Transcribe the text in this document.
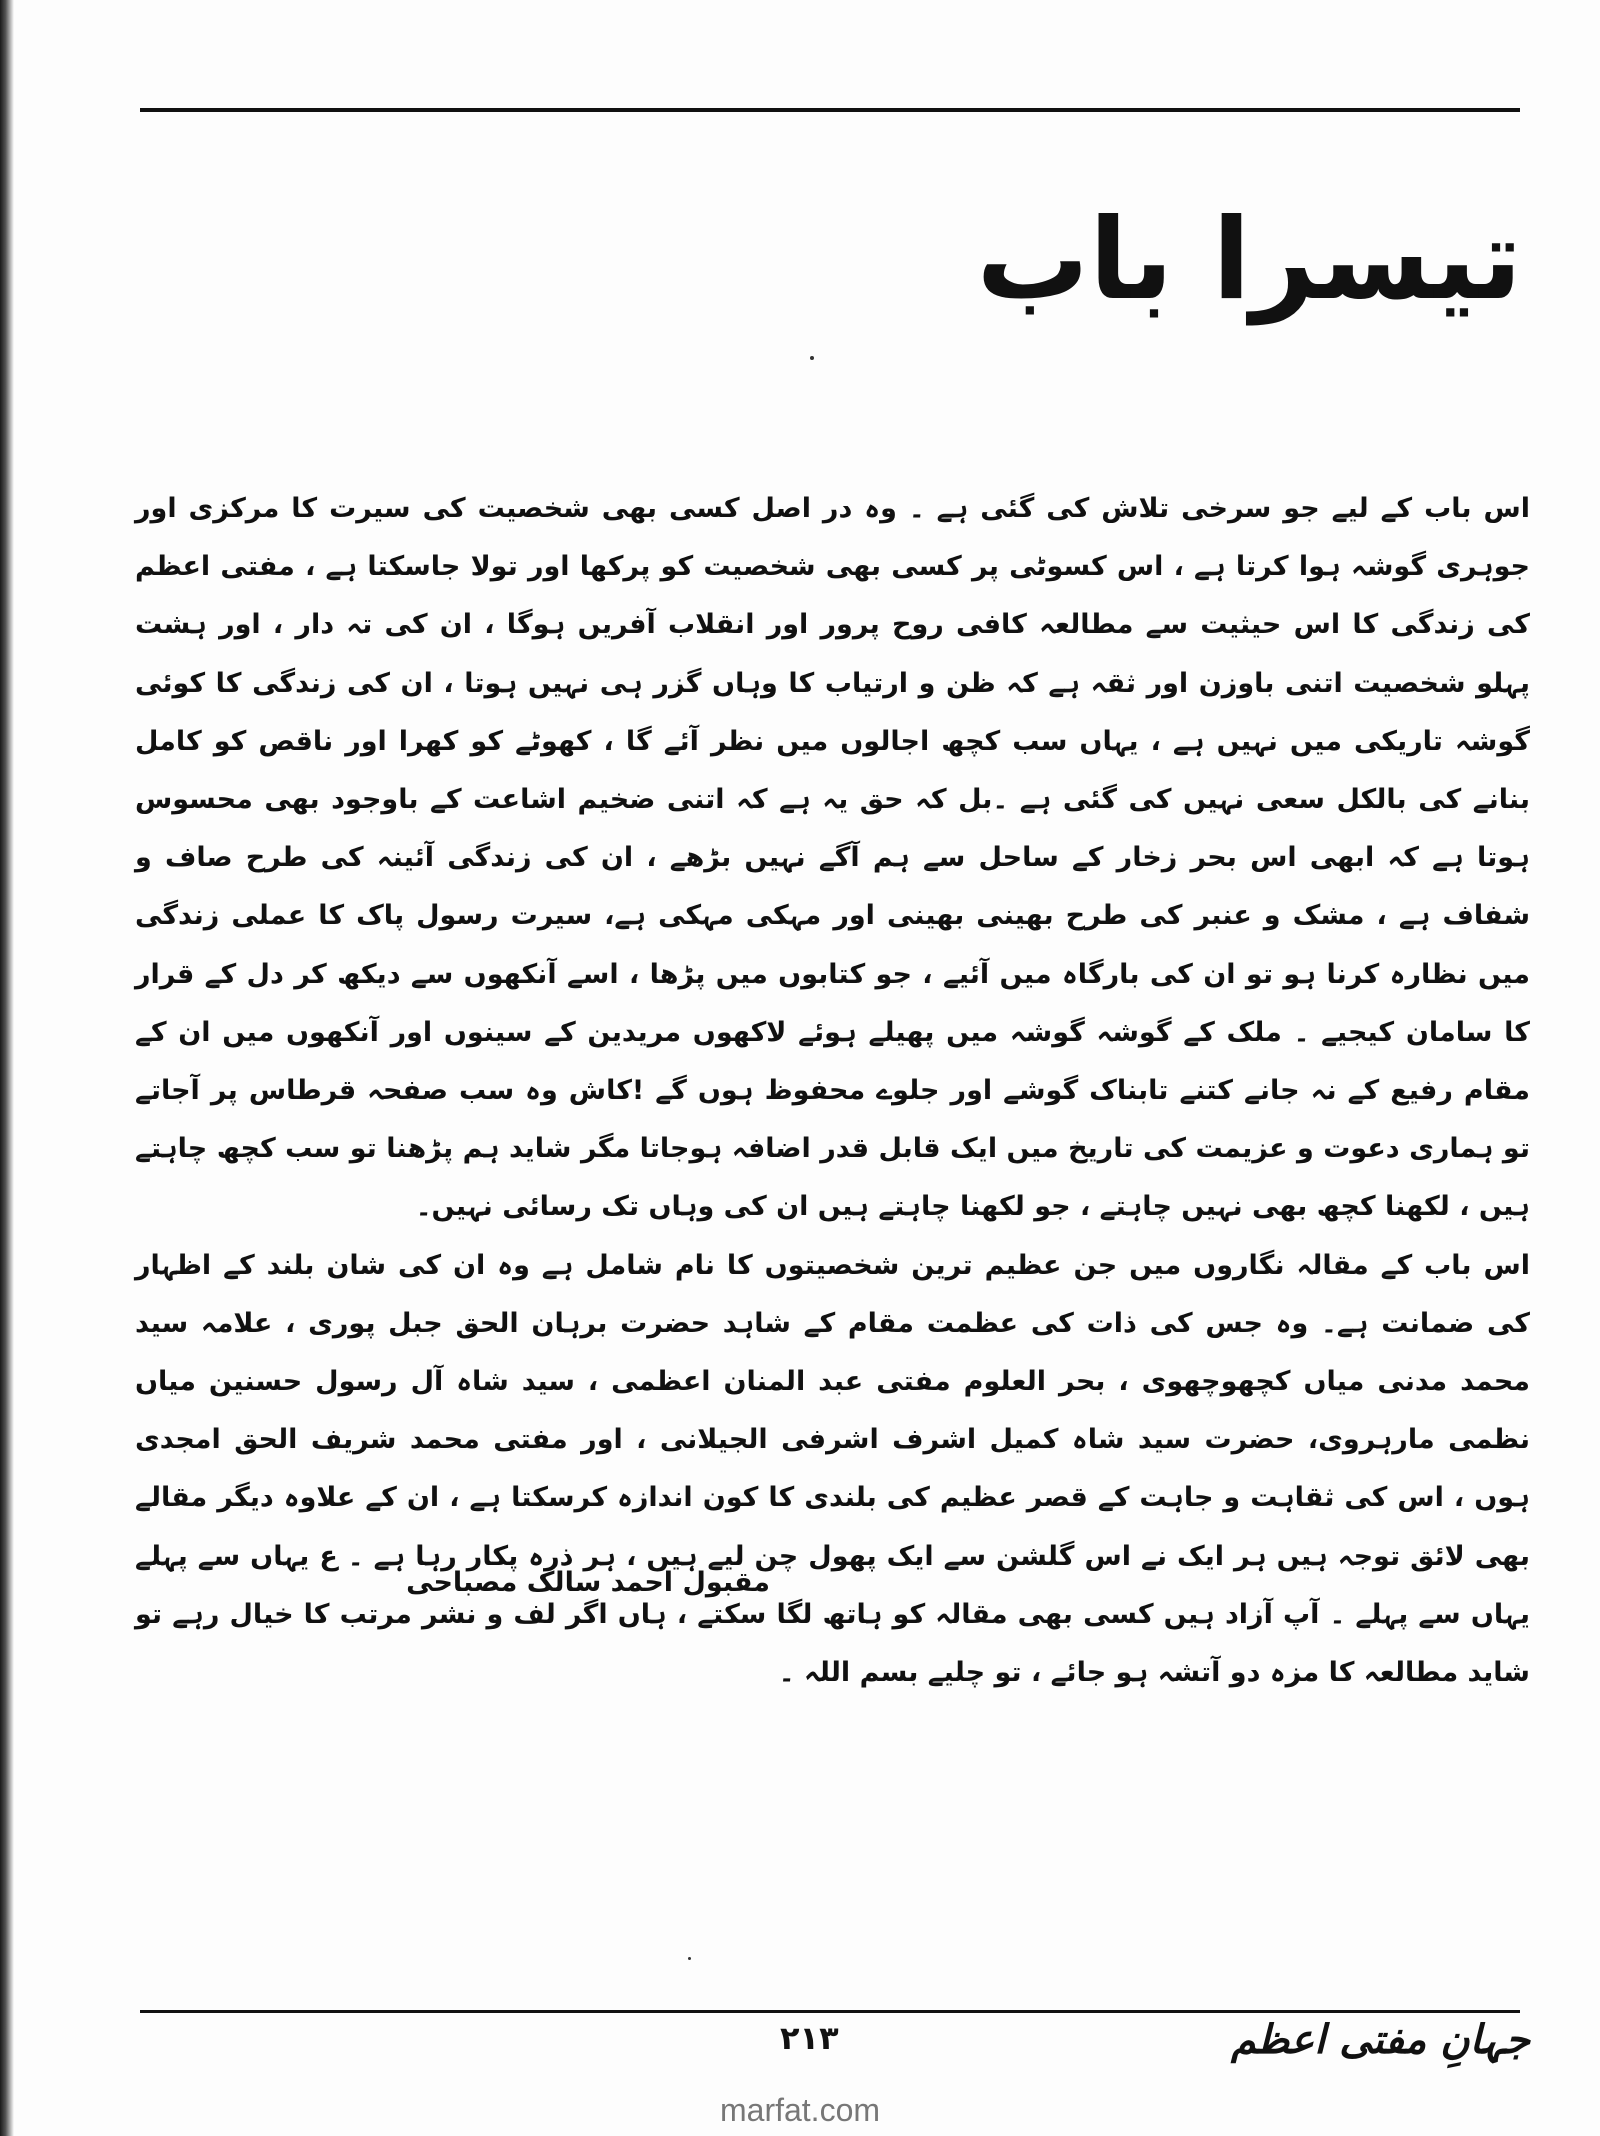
تیسرا باب

اس باب کے لیے جو سرخی تلاش کی گئی ہے ۔ وہ در اصل کسی بھی شخصیت کی سیرت کا مرکزی اور جوہری گوشہ ہوا کرتا ہے ، اس کسوٹی پر کسی بھی شخصیت کو پرکھا اور تولا جاسکتا ہے ، مفتی اعظم کی زندگی کا اس حیثیت سے مطالعہ کافی روح پرور اور انقلاب آفریں ہوگا ، ان کی تہ دار ، اور ہشت پہلو شخصیت اتنی باوزن اور ثقہ ہے کہ ظن و ارتیاب کا وہاں گزر ہی نہیں ہوتا ، ان کی زندگی کا کوئی گوشہ تاریکی میں نہیں ہے ، یہاں سب کچھ اجالوں میں نظر آئے گا ، کھوٹے کو کھرا اور ناقص کو کامل بنانے کی بالکل سعی نہیں کی گئی ہے ۔بل کہ حق یہ ہے کہ اتنی ضخیم اشاعت کے باوجود بھی محسوس ہوتا ہے کہ ابھی اس بحر زخار کے ساحل سے ہم آگے نہیں بڑھے ، ان کی زندگی آئینہ کی طرح صاف و شفاف ہے ، مشک و عنبر کی طرح بھینی بھینی اور مہکی مہکی ہے، سیرت رسول پاک کا عملی زندگی میں نظارہ کرنا ہو تو ان کی بارگاہ میں آئیے ، جو کتابوں میں پڑھا ، اسے آنکھوں سے دیکھ کر دل کے قرار کا سامان کیجیے ۔ ملک کے گوشہ گوشہ میں پھیلے ہوئے لاکھوں مریدین کے سینوں اور آنکھوں میں ان کے مقام رفیع کے نہ جانے کتنے تابناک گوشے اور جلوے محفوظ ہوں گے !کاش وہ سب صفحہ قرطاس پر آجاتے تو ہماری دعوت و عزیمت کی تاریخ میں ایک قابل قدر اضافہ ہوجاتا مگر شاید ہم پڑھنا تو سب کچھ چاہتے ہیں ، لکھنا کچھ بھی نہیں چاہتے ، جو لکھنا چاہتے ہیں ان کی وہاں تک رسائی نہیں۔

اس باب کے مقالہ نگاروں میں جن عظیم ترین شخصیتوں کا نام شامل ہے وہ ان کی شان بلند کے اظہار کی ضمانت ہے۔ وہ جس کی ذات کی عظمت مقام کے شاہد حضرت برہان الحق جبل پوری ، علامہ سید محمد مدنی میاں کچھوچھوی ، بحر العلوم مفتی عبد المنان اعظمی ، سید شاہ آل رسول حسنین میاں نظمی مارہروی، حضرت سید شاہ کمیل اشرف اشرفی الجیلانی ، اور مفتی محمد شریف الحق امجدی ہوں ، اس کی ثقاہت و جاہت کے قصر عظیم کی بلندی کا کون اندازہ کرسکتا ہے ، ان کے علاوہ دیگر مقالے بھی لائق توجہ ہیں ہر ایک نے اس گلشن سے ایک پھول چن لیے ہیں ، ہر ذرہ پکار رہا ہے ۔ ع یہاں سے پہلے یہاں سے پہلے ۔ آپ آزاد ہیں کسی بھی مقالہ کو ہاتھ لگا سکتے ، ہاں اگر لف و نشر مرتب کا خیال رہے تو شاید مطالعہ کا مزہ دو آتشہ ہو جائے ، تو چلیے بسم اللہ ۔

مقبول احمد سالک مصباحی
۲۱۳	جہانِ مفتی اعظم
marfat.com
